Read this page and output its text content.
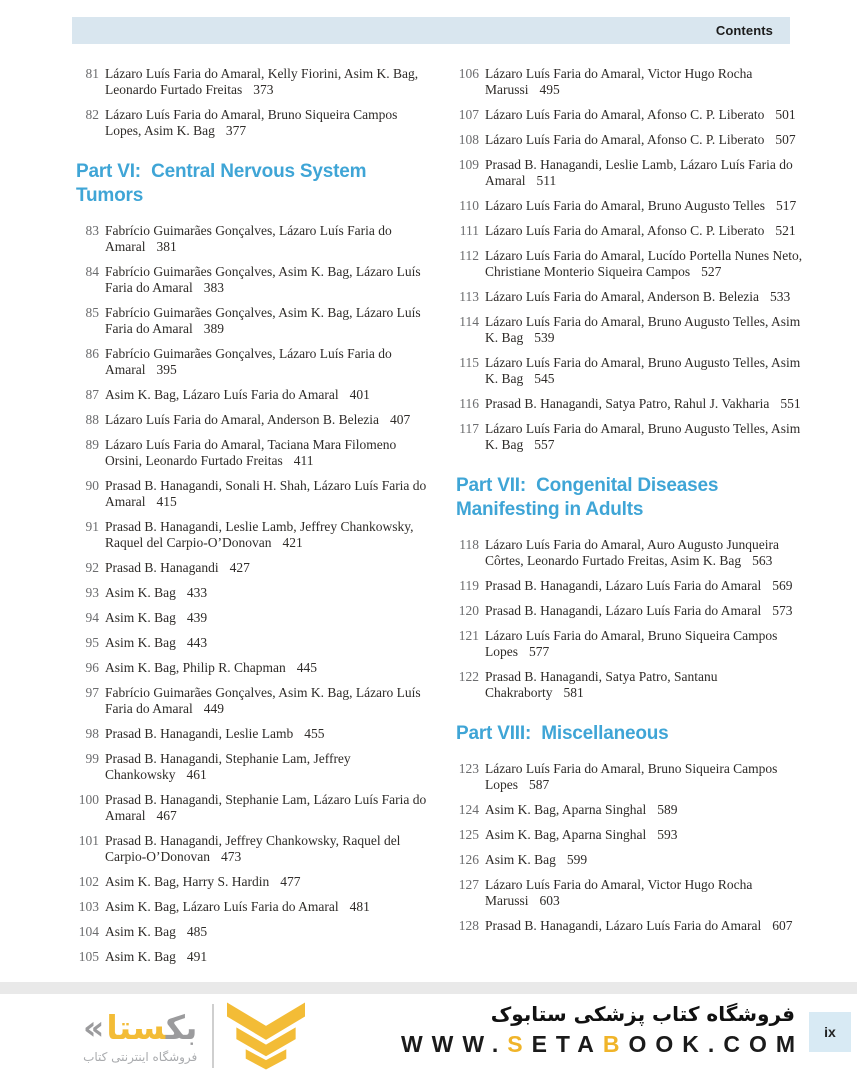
Contents
81 Lázaro Luís Faria do Amaral, Kelly Fiorini, Asim K. Bag, Leonardo Furtado Freitas 373
82 Lázaro Luís Faria do Amaral, Bruno Siqueira Campos Lopes, Asim K. Bag 377
Part VI:  Central Nervous System Tumors
83 Fabrício Guimarães Gonçalves, Lázaro Luís Faria do Amaral 381
84 Fabrício Guimarães Gonçalves, Asim K. Bag, Lázaro Luís Faria do Amaral 383
85 Fabrício Guimarães Gonçalves, Asim K. Bag, Lázaro Luís Faria do Amaral 389
86 Fabrício Guimarães Gonçalves, Lázaro Luís Faria do Amaral 395
87 Asim K. Bag, Lázaro Luís Faria do Amaral 401
88 Lázaro Luís Faria do Amaral, Anderson B. Belezia 407
89 Lázaro Luís Faria do Amaral, Taciana Mara Filomeno Orsini, Leonardo Furtado Freitas 411
90 Prasad B. Hanagandi, Sonali H. Shah, Lázaro Luís Faria do Amaral 415
91 Prasad B. Hanagandi, Leslie Lamb, Jeffrey Chankowsky, Raquel del Carpio-O’Donovan 421
92 Prasad B. Hanagandi 427
93 Asim K. Bag 433
94 Asim K. Bag 439
95 Asim K. Bag 443
96 Asim K. Bag, Philip R. Chapman 445
97 Fabrício Guimarães Gonçalves, Asim K. Bag, Lázaro Luís Faria do Amaral 449
98 Prasad B. Hanagandi, Leslie Lamb 455
99 Prasad B. Hanagandi, Stephanie Lam, Jeffrey Chankowsky 461
100 Prasad B. Hanagandi, Stephanie Lam, Lázaro Luís Faria do Amaral 467
101 Prasad B. Hanagandi, Jeffrey Chankowsky, Raquel del Carpio-O’Donovan 473
102 Asim K. Bag, Harry S. Hardin 477
103 Asim K. Bag, Lázaro Luís Faria do Amaral 481
104 Asim K. Bag 485
105 Asim K. Bag 491
106 Lázaro Luís Faria do Amaral, Victor Hugo Rocha Marussi 495
107 Lázaro Luís Faria do Amaral, Afonso C. P. Liberato 501
108 Lázaro Luís Faria do Amaral, Afonso C. P. Liberato 507
109 Prasad B. Hanagandi, Leslie Lamb, Lázaro Luís Faria do Amaral 511
110 Lázaro Luís Faria do Amaral, Bruno Augusto Telles 517
111 Lázaro Luís Faria do Amaral, Afonso C. P. Liberato 521
112 Lázaro Luís Faria do Amaral, Lucído Portella Nunes Neto, Christiane Monterio Siqueira Campos 527
113 Lázaro Luís Faria do Amaral, Anderson B. Belezia 533
114 Lázaro Luís Faria do Amaral, Bruno Augusto Telles, Asim K. Bag 539
115 Lázaro Luís Faria do Amaral, Bruno Augusto Telles, Asim K. Bag 545
116 Prasad B. Hanagandi, Satya Patro, Rahul J. Vakharia 551
117 Lázaro Luís Faria do Amaral, Bruno Augusto Telles, Asim K. Bag 557
Part VII:  Congenital Diseases Manifesting in Adults
118 Lázaro Luís Faria do Amaral, Auro Augusto Junqueira Côrtes, Leonardo Furtado Freitas, Asim K. Bag 563
119 Prasad B. Hanagandi, Lázaro Luís Faria do Amaral 569
120 Prasad B. Hanagandi, Lázaro Luís Faria do Amaral 573
121 Lázaro Luís Faria do Amaral, Bruno Siqueira Campos Lopes 577
122 Prasad B. Hanagandi, Satya Patro, Santanu Chakraborty 581
Part VIII:  Miscellaneous
123 Lázaro Luís Faria do Amaral, Bruno Siqueira Campos Lopes 587
124 Asim K. Bag, Aparna Singhal 589
125 Asim K. Bag, Aparna Singhal 593
126 Asim K. Bag 599
127 Lázaro Luís Faria do Amaral, Victor Hugo Rocha Marussi 603
128 Prasad B. Hanagandi, Lázaro Luís Faria do Amaral 607
« بکستا
فروشگاه اینترنتی کتاب
فروشگاه کتاب پزشکی ستابوک
WWW.SETABOOK.COM ix
